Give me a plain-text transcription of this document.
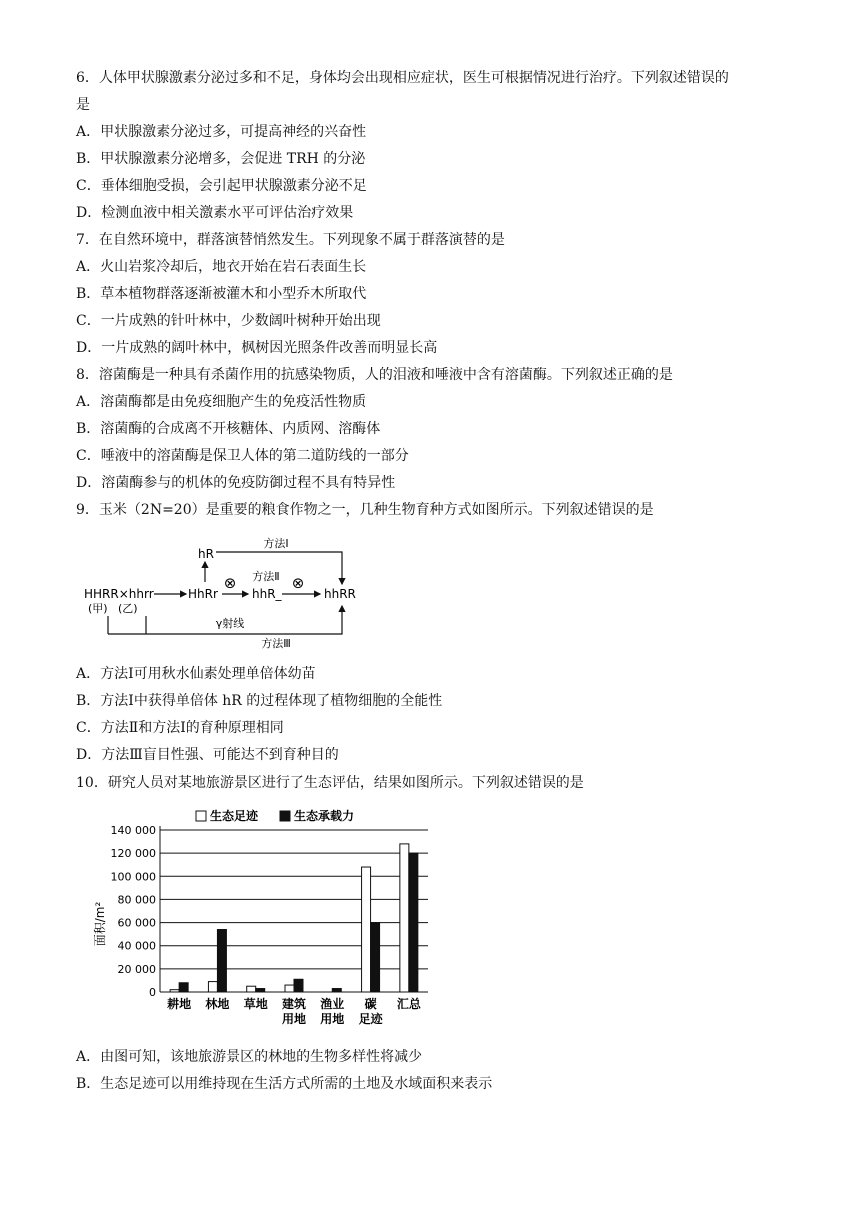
6．人体甲状腺激素分泌过多和不足，身体均会出现相应症状，医生可根据情况进行治疗。下列叙述错误的
是
A．甲状腺激素分泌过多，可提高神经的兴奋性
B．甲状腺激素分泌增多，会促进 TRH 的分泌
C．垂体细胞受损，会引起甲状腺激素分泌不足
D．检测血液中相关激素水平可评估治疗效果
7．在自然环境中，群落演替悄然发生。下列现象不属于群落演替的是
A．火山岩浆冷却后，地衣开始在岩石表面生长
B．草本植物群落逐渐被灌木和小型乔木所取代
C．一片成熟的针叶林中，少数阔叶树种开始出现
D．一片成熟的阔叶林中，枫树因光照条件改善而明显长高
8．溶菌酶是一种具有杀菌作用的抗感染物质，人的泪液和唾液中含有溶菌酶。下列叙述正确的是
A．溶菌酶都是由免疫细胞产生的免疫活性物质
B．溶菌酶的合成离不开核糖体、内质网、溶酶体
C．唾液中的溶菌酶是保卫人体的第二道防线的一部分
D．溶菌酶参与的机体的免疫防御过程不具有特异性
9．玉米（2N=20）是重要的粮食作物之一，几种生物育种方式如图所示。下列叙述错误的是
HHRR×hhrr
(甲) (乙)
HhRr
⊗ 方法Ⅱ
hhR_
⊗
hhRR
hR
方法Ⅰ
γ射线
方法Ⅲ
A．方法Ⅰ可用秋水仙素处理单倍体幼苗
B．方法Ⅰ中获得单倍体 hR 的过程体现了植物细胞的全能性
C．方法Ⅱ和方法Ⅰ的育种原理相同
D．方法Ⅲ盲目性强、可能达不到育种目的
10．研究人员对某地旅游景区进行了生态评估，结果如图所示。下列叙述错误的是
0
20 000
40 000
60 000
80 000
100 000
120 000
140 000
耕地 林地 草地 建筑
用地
渔业
用地
碳
足迹
汇总
生态足迹	生态承载力
面积/m²
A．由图可知，该地旅游景区的林地的生物多样性将减少
B．生态足迹可以用维持现在生活方式所需的土地及水域面积来表示
